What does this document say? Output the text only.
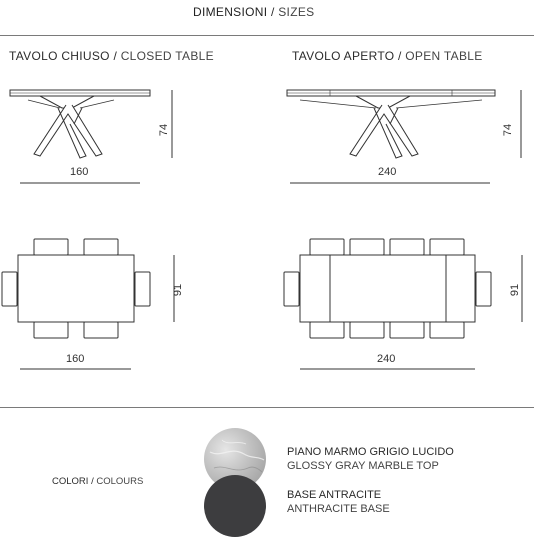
DIMENSIONI / SIZES
TAVOLO CHIUSO / CLOSED TABLE	TAVOLO APERTO / OPEN TABLE
160
74
240
74
160
91
240
91
COLORI / COLOURS
PIANO MARMO GRIGIO LUCIDO
GLOSSY GRAY MARBLE TOP
BASE ANTRACITE
ANTHRACITE BASE
